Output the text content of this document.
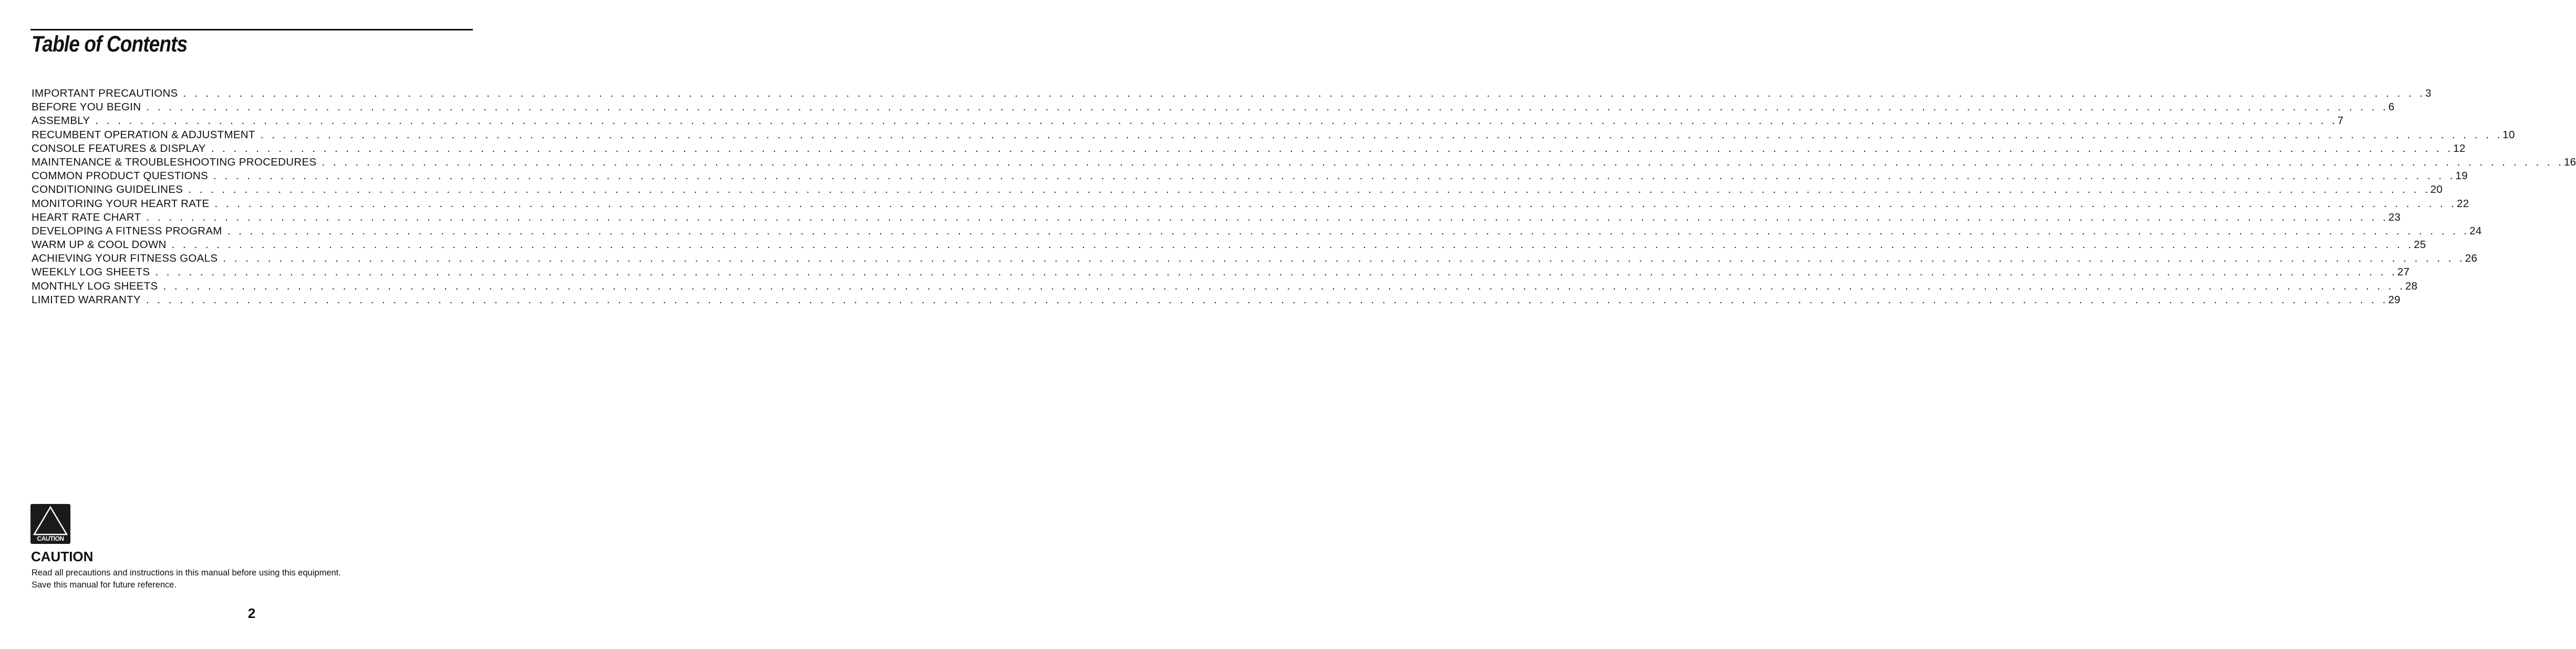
Table of Contents
IMPORTANT PRECAUTIONS . . . . . . . . . . . . . . . . . . . . . . . . . . . . . . . . . . . . . . . . . . . . . . . . . . . . . . . . . . . . . . . . . . . . . . . . . . . . . . . . . . . . . . . . . . . . . . . . . . . . . . . . . . . . . . . . . . . . . . . . . . . . . . . . . . . . . . . . . . . . . . . . . . . . . . . . . . . . . . . . . . . . . . . . . . . . . . . . . . . . . . . . . . . . . . . . . . . . . . . . 3
BEFORE YOU BEGIN . . . . . . . . . . . . . . . . . . . . . . . . . . . . . . . . . . . . . . . . . . . . . . . . . . . . . . . . . . . . . . . . . . . . . . . . . . . . . . . . . . . . . . . . . . . . . . . . . . . . . . . . . . . . . . . . . . . . . . . . . . . . . . . . . . . . . . . . . . . . . . . . . . . . . . . . . . . . . . . . . . . . . . . . . . . . . . . . . . . . . . . . . . . . . . . . . . . . . . . . 6
ASSEMBLY . . . . . . . . . . . . . . . . . . . . . . . . . . . . . . . . . . . . . . . . . . . . . . . . . . . . . . . . . . . . . . . . . . . . . . . . . . . . . . . . . . . . . . . . . . . . . . . . . . . . . . . . . . . . . . . . . . . . . . . . . . . . . . . . . . . . . . . . . . . . . . . . . . . . . . . . . . . . . . . . . . . . . . . . . . . . . . . . . . . . . . . . . . . . . . . . . . . . . . . . 7
RECUMBENT OPERATION & ADJUSTMENT . . . . . . . . . . . . . . . . . . . . . . . . . . . . . . . . . . . . . . . . . . . . . . . . . . . . . . . . . . . . . . . . . . . . . . . . . . . . . . . . . . . . . . . . . . . . . . . . . . . . . . . . . . . . . . . . . . . . . . . . . . . . . . . . . . . . . . . . . . . . . . . . . . . . . . . . . . . . . . . . . . . . . . . . . . . . . . . . . . . . . . . . . . . . . . . . . . . . . . . . 10
CONSOLE FEATURES & DISPLAY . . . . . . . . . . . . . . . . . . . . . . . . . . . . . . . . . . . . . . . . . . . . . . . . . . . . . . . . . . . . . . . . . . . . . . . . . . . . . . . . . . . . . . . . . . . . . . . . . . . . . . . . . . . . . . . . . . . . . . . . . . . . . . . . . . . . . . . . . . . . . . . . . . . . . . . . . . . . . . . . . . . . . . . . . . . . . . . . . . . . . . . . . . . . . . . . . . . . . . . . 12
MAINTENANCE & TROUBLESHOOTING PROCEDURES . . . . . . . . . . . . . . . . . . . . . . . . . . . . . . . . . . . . . . . . . . . . . . . . . . . . . . . . . . . . . . . . . . . . . . . . . . . . . . . . . . . . . . . . . . . . . . . . . . . . . . . . . . . . . . . . . . . . . . . . . . . . . . . . . . . . . . . . . . . . . . . . . . . . . . . . . . . . . . . . . . . . . . . . . . . . . . . . . . . . . . . . . . . . . . . . . . . . . . . . 16
COMMON PRODUCT QUESTIONS . . . . . . . . . . . . . . . . . . . . . . . . . . . . . . . . . . . . . . . . . . . . . . . . . . . . . . . . . . . . . . . . . . . . . . . . . . . . . . . . . . . . . . . . . . . . . . . . . . . . . . . . . . . . . . . . . . . . . . . . . . . . . . . . . . . . . . . . . . . . . . . . . . . . . . . . . . . . . . . . . . . . . . . . . . . . . . . . . . . . . . . . . . . . . . . . . . . . . . . . 19
CONDITIONING GUIDELINES . . . . . . . . . . . . . . . . . . . . . . . . . . . . . . . . . . . . . . . . . . . . . . . . . . . . . . . . . . . . . . . . . . . . . . . . . . . . . . . . . . . . . . . . . . . . . . . . . . . . . . . . . . . . . . . . . . . . . . . . . . . . . . . . . . . . . . . . . . . . . . . . . . . . . . . . . . . . . . . . . . . . . . . . . . . . . . . . . . . . . . . . . . . . . . . . . . . . . . . . 20
MONITORING YOUR HEART RATE . . . . . . . . . . . . . . . . . . . . . . . . . . . . . . . . . . . . . . . . . . . . . . . . . . . . . . . . . . . . . . . . . . . . . . . . . . . . . . . . . . . . . . . . . . . . . . . . . . . . . . . . . . . . . . . . . . . . . . . . . . . . . . . . . . . . . . . . . . . . . . . . . . . . . . . . . . . . . . . . . . . . . . . . . . . . . . . . . . . . . . . . . . . . . . . . . . . . . . . . 22
HEART RATE CHART . . . . . . . . . . . . . . . . . . . . . . . . . . . . . . . . . . . . . . . . . . . . . . . . . . . . . . . . . . . . . . . . . . . . . . . . . . . . . . . . . . . . . . . . . . . . . . . . . . . . . . . . . . . . . . . . . . . . . . . . . . . . . . . . . . . . . . . . . . . . . . . . . . . . . . . . . . . . . . . . . . . . . . . . . . . . . . . . . . . . . . . . . . . . . . . . . . . . . . . . 23
DEVELOPING A FITNESS PROGRAM . . . . . . . . . . . . . . . . . . . . . . . . . . . . . . . . . . . . . . . . . . . . . . . . . . . . . . . . . . . . . . . . . . . . . . . . . . . . . . . . . . . . . . . . . . . . . . . . . . . . . . . . . . . . . . . . . . . . . . . . . . . . . . . . . . . . . . . . . . . . . . . . . . . . . . . . . . . . . . . . . . . . . . . . . . . . . . . . . . . . . . . . . . . . . . . . . . . . . . . . 24
WARM UP & COOL DOWN . . . . . . . . . . . . . . . . . . . . . . . . . . . . . . . . . . . . . . . . . . . . . . . . . . . . . . . . . . . . . . . . . . . . . . . . . . . . . . . . . . . . . . . . . . . . . . . . . . . . . . . . . . . . . . . . . . . . . . . . . . . . . . . . . . . . . . . . . . . . . . . . . . . . . . . . . . . . . . . . . . . . . . . . . . . . . . . . . . . . . . . . . . . . . . . . . . . . . . . . 25
ACHIEVING YOUR FITNESS GOALS . . . . . . . . . . . . . . . . . . . . . . . . . . . . . . . . . . . . . . . . . . . . . . . . . . . . . . . . . . . . . . . . . . . . . . . . . . . . . . . . . . . . . . . . . . . . . . . . . . . . . . . . . . . . . . . . . . . . . . . . . . . . . . . . . . . . . . . . . . . . . . . . . . . . . . . . . . . . . . . . . . . . . . . . . . . . . . . . . . . . . . . . . . . . . . . . . . . . . . . . 26
WEEKLY LOG SHEETS . . . . . . . . . . . . . . . . . . . . . . . . . . . . . . . . . . . . . . . . . . . . . . . . . . . . . . . . . . . . . . . . . . . . . . . . . . . . . . . . . . . . . . . . . . . . . . . . . . . . . . . . . . . . . . . . . . . . . . . . . . . . . . . . . . . . . . . . . . . . . . . . . . . . . . . . . . . . . . . . . . . . . . . . . . . . . . . . . . . . . . . . . . . . . . . . . . . . . . . . 27
MONTHLY LOG SHEETS . . . . . . . . . . . . . . . . . . . . . . . . . . . . . . . . . . . . . . . . . . . . . . . . . . . . . . . . . . . . . . . . . . . . . . . . . . . . . . . . . . . . . . . . . . . . . . . . . . . . . . . . . . . . . . . . . . . . . . . . . . . . . . . . . . . . . . . . . . . . . . . . . . . . . . . . . . . . . . . . . . . . . . . . . . . . . . . . . . . . . . . . . . . . . . . . . . . . . . . . 28
LIMITED WARRANTY . . . . . . . . . . . . . . . . . . . . . . . . . . . . . . . . . . . . . . . . . . . . . . . . . . . . . . . . . . . . . . . . . . . . . . . . . . . . . . . . . . . . . . . . . . . . . . . . . . . . . . . . . . . . . . . . . . . . . . . . . . . . . . . . . . . . . . . . . . . . . . . . . . . . . . . . . . . . . . . . . . . . . . . . . . . . . . . . . . . . . . . . . . . . . . . . . . . . . . . . 29
CAUTION
CAUTION
Read all precautions and instructions in this manual before using this equipment.
Save this manual for future reference.
2
